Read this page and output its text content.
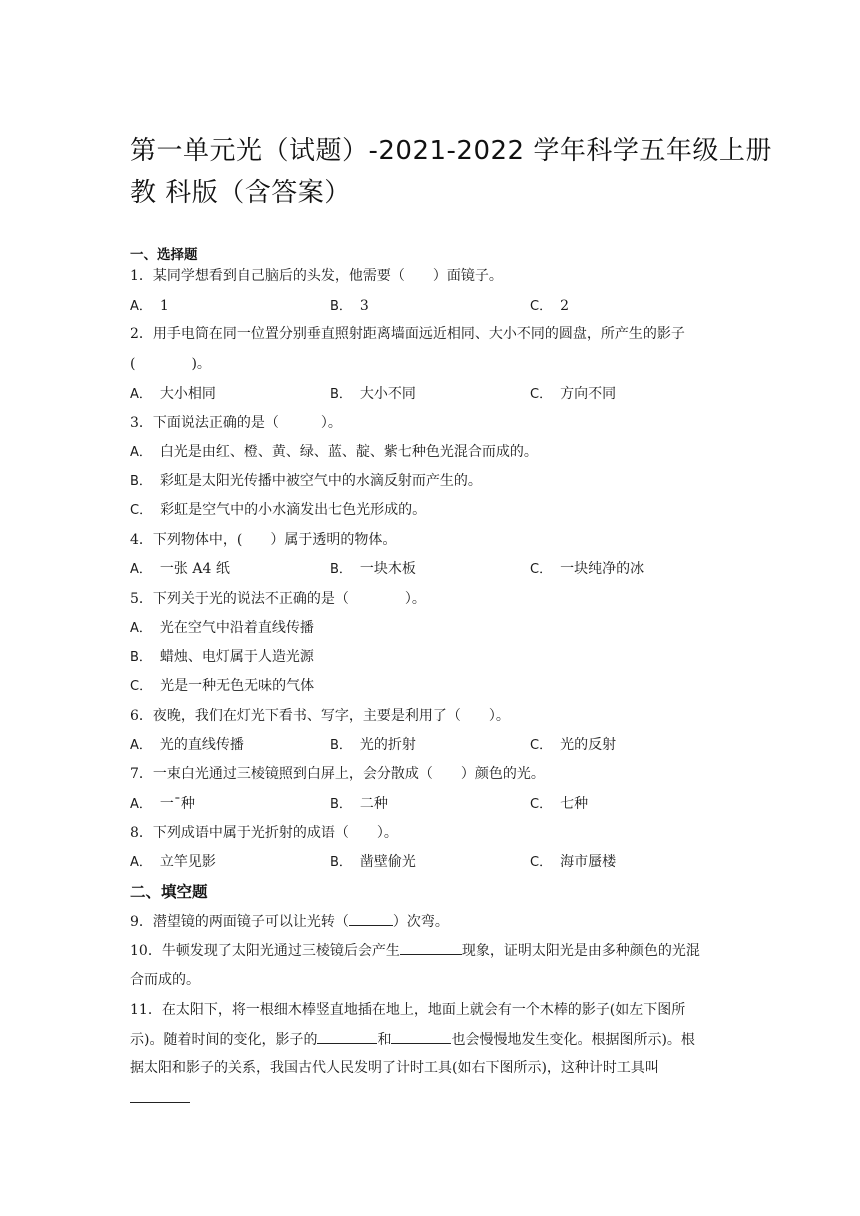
第一单元光（试题）-2021-2022 学年科学五年级上册
教 科版（含答案）
一、选择题
1．某同学想看到自己脑后的头发，他需要（　　）面镜子。
A． 1	B． 3	C． 2
2．用手电筒在同一位置分别垂直照射距离墙面远近相同、大小不同的圆盘，所产生的影子
(　　　　)。
A． 大小相同	B． 大小不同	C． 方向不同
3．下面说法正确的是（　　　）。
A． 白光是由红、橙、黄、绿、蓝、靛、紫七种色光混合而成的。
B． 彩虹是太阳光传播中被空气中的水滴反射而产生的。
C． 彩虹是空气中的小水滴发出七色光形成的。
4．下列物体中，(　　）属于透明的物体。
A． 一张 A4 纸	B． 一块木板	C． 一块纯净的冰
5．下列关于光的说法不正确的是（　　　　）。
A． 光在空气中沿着直线传播
B． 蜡烛、电灯属于人造光源
C． 光是一种无色无味的气体
6．夜晚，我们在灯光下看书、写字，主要是利用了（　　）。
A． 光的直线传播	B． 光的折射	C． 光的反射
7．一束白光通过三棱镜照到白屏上，会分散成（　　）颜色的光。
A． 一ˉ种	B． 二种	C． 七种
8．下列成语中属于光折射的成语（　　）。
A． 立竿见影	B． 凿壁偷光	C． 海市蜃楼
二、填空题
9．潜望镜的两面镜子可以让光转（	）次弯。
10．牛顿发现了太阳光通过三棱镜后会产生	现象，证明太阳光是由多种颜色的光混
合而成的。
11．在太阳下，将一根细木棒竖直地插在地上，地面上就会有一个木棒的影子(如左下图所
示)。随着时间的变化，影子的	和	也会慢慢地发生变化。根据图所示)。根
据太阳和影子的关系，我国古代人民发明了计时工具(如右下图所示)，这种计时工具叫
